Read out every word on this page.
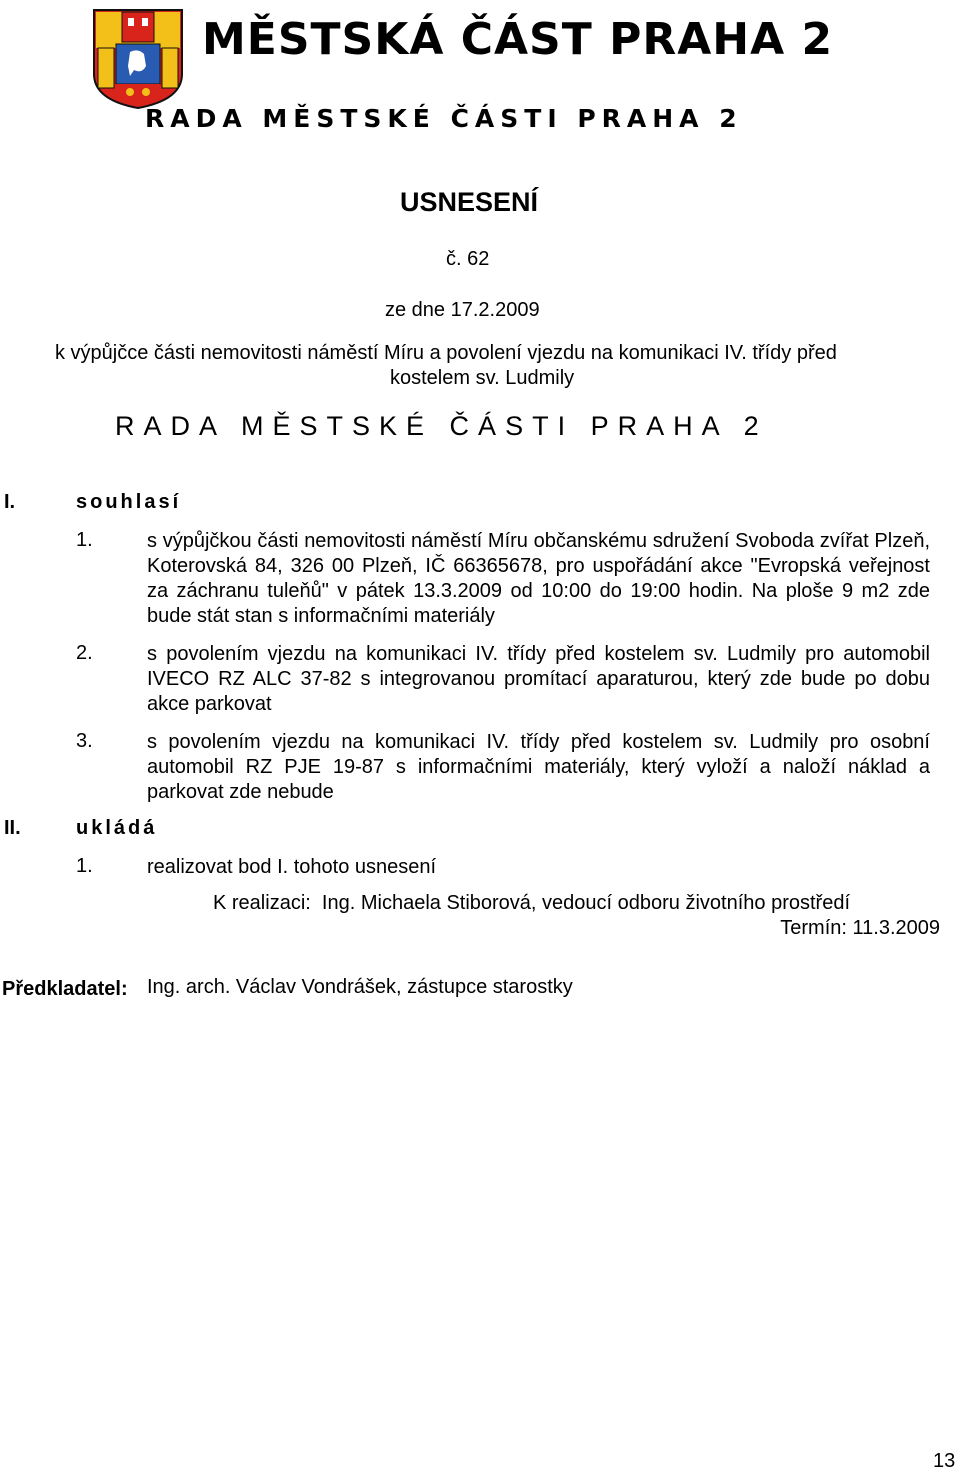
MĚSTSKÁ ČÁST PRAHA 2
RADA MĚSTSKÉ ČÁSTI PRAHA 2
USNESENÍ
č. 62
ze dne 17.2.2009
k výpůjčce části nemovitosti náměstí Míru a povolení vjezdu na komunikaci IV. třídy před
kostelem sv. Ludmily
RADA MĚSTSKÉ ČÁSTI PRAHA 2
I.	souhlasí
1.	s výpůjčkou části nemovitosti náměstí Míru občanskému sdružení Svoboda zvířat Plzeň, Koterovská 84, 326 00 Plzeň, IČ 66365678, pro uspořádání akce "Evropská veřejnost za záchranu tuleňů" v pátek 13.3.2009 od 10:00 do 19:00 hodin. Na ploše 9 m2 zde bude stát stan s informačními materiály
2.	s povolením vjezdu na komunikaci IV. třídy před kostelem sv. Ludmily pro automobil IVECO RZ ALC 37-82 s integrovanou promítací aparaturou, který zde bude po dobu akce parkovat
3.	s povolením vjezdu na komunikaci IV. třídy před kostelem sv. Ludmily pro osobní automobil RZ PJE 19-87 s informačními materiály, který vyloží a naloží náklad a parkovat zde nebude
II.	ukládá
1.	realizovat bod I. tohoto usnesení
K realizaci:  Ing. Michaela Stiborová, vedoucí odboru životního prostředí
Termín: 11.3.2009
Předkladatel: Ing. arch. Václav Vondrášek, zástupce starostky
13
